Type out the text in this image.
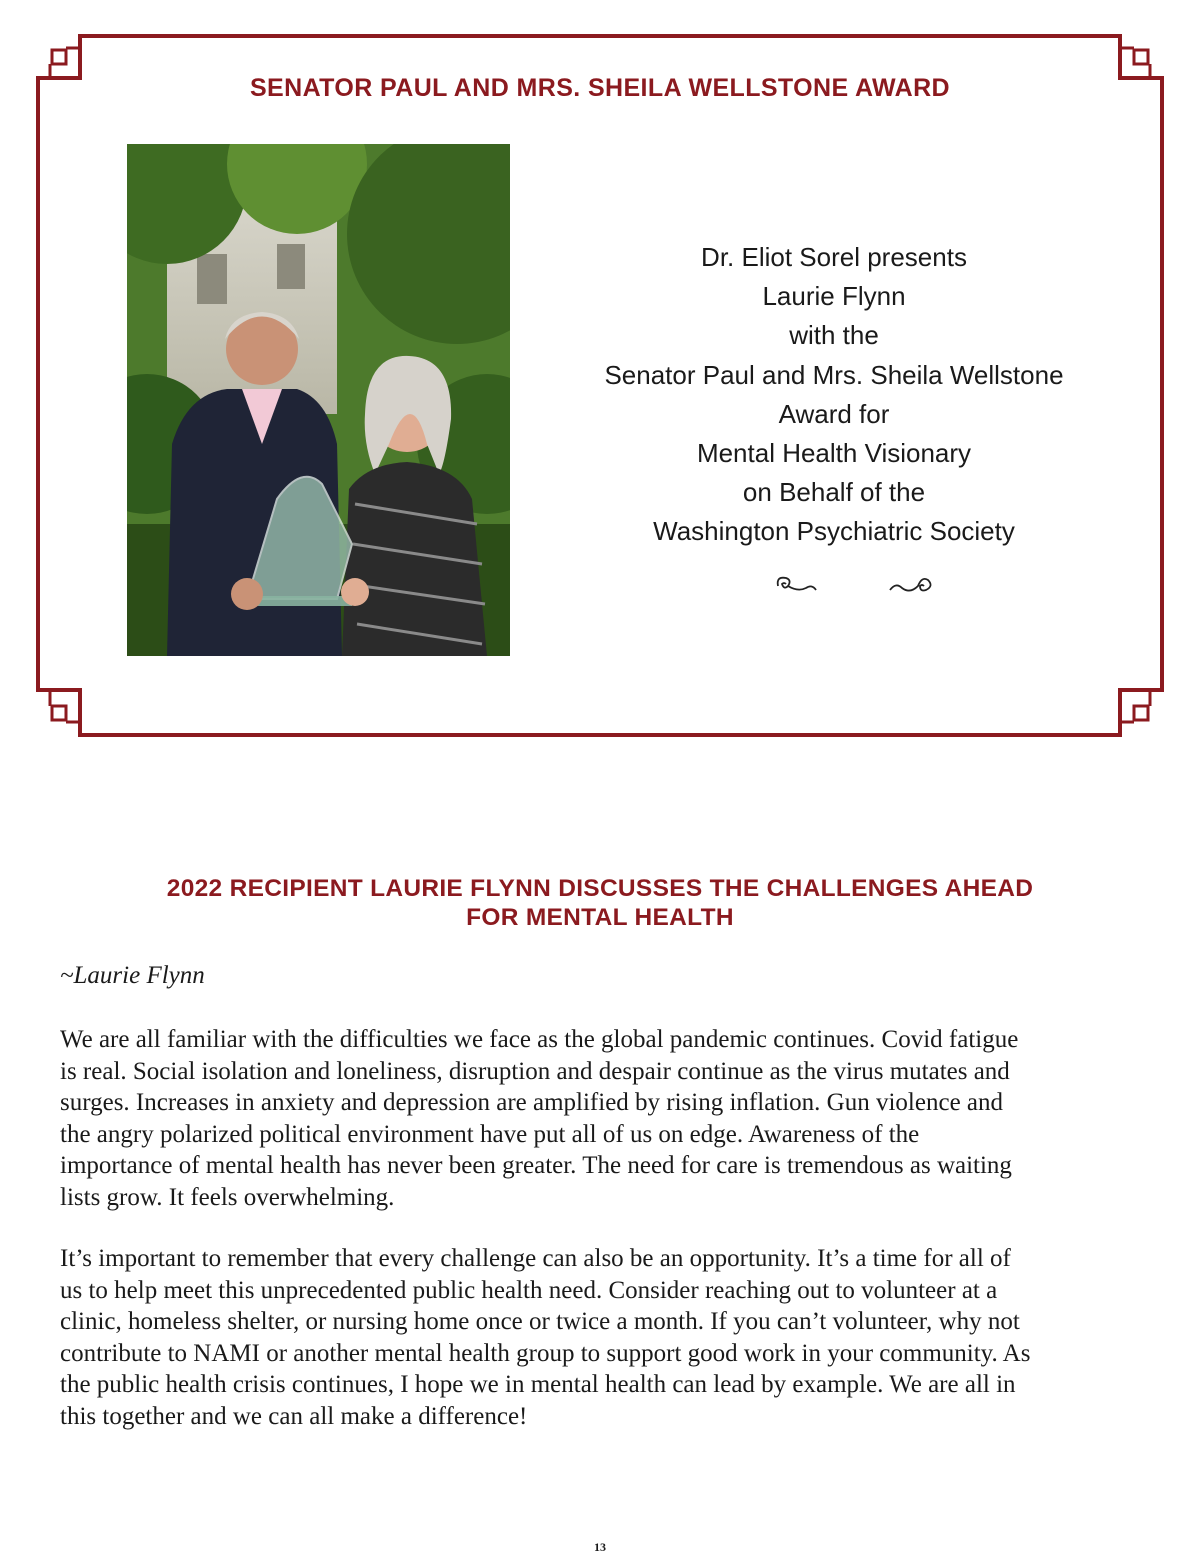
SENATOR PAUL AND MRS. SHEILA WELLSTONE AWARD
Dr. Eliot Sorel presents
Laurie Flynn
with the
Senator Paul and Mrs. Sheila Wellstone
Award for
Mental Health Visionary
on Behalf of the
Washington Psychiatric Society
2022 RECIPIENT LAURIE FLYNN DISCUSSES THE CHALLENGES AHEAD
FOR MENTAL HEALTH
~Laurie Flynn
We are all familiar with the difficulties we face as the global pandemic continues. Covid fatigue
is real. Social isolation and loneliness, disruption and despair continue as the virus mutates and
surges. Increases in anxiety and depression are amplified by rising inflation. Gun violence and
the angry polarized political environment have put all of us on edge. Awareness of the
importance of mental health has never been greater. The need for care is tremendous as waiting
lists grow. It feels overwhelming.
It’s important to remember that every challenge can also be an opportunity. It’s a time for all of
us to help meet this unprecedented public health need. Consider reaching out to volunteer at a
clinic, homeless shelter, or nursing home once or twice a month. If you can’t volunteer, why not
contribute to NAMI or another mental health group to support good work in your community. As
the public health crisis continues, I hope we in mental health can lead by example. We are all in
this together and we can all make a difference!
13
